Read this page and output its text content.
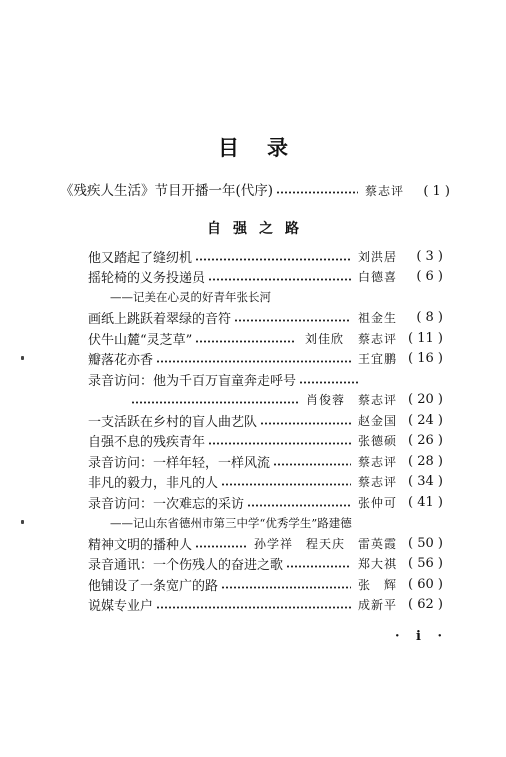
目录
《残疾人生活》节目开播一年(代序)	蔡志评	( 1 )
自强之路
他又踏起了缝纫机	刘洪居	( 3 )
摇轮椅的义务投递员	白德喜	( 6 )
——记美在心灵的好青年张长河
画纸上跳跃着翠绿的音符	祖金生	( 8 )
伏牛山麓“灵芝草”	刘佳欣 蔡志评 ( 11 )
瓣落花亦香	王宜鹏 ( 16 )
录音访问：他为千百万盲童奔走呼号
肖俊蓉　蔡志评 ( 20 )
一支活跃在乡村的盲人曲艺队	赵金国 ( 24 )
自强不息的残疾青年	张德硕 ( 26 )
录音访问：一样年轻，一样风流	蔡志评 ( 28 )
非凡的毅力，非凡的人	蔡志评 ( 34 )
录音访问：一次难忘的采访	张仲可 ( 41 )
——记山东省德州市第三中学“优秀学生”路建德
精神文明的播种人	孙学祥　程天庆　雷英霞 ( 50 )
录音通讯：一个伤残人的奋进之歌	郑大祺 ( 56 )
他铺设了一条宽广的路	张　辉 ( 60 )
说媒专业户	成新平 ( 62 )
· i ·
